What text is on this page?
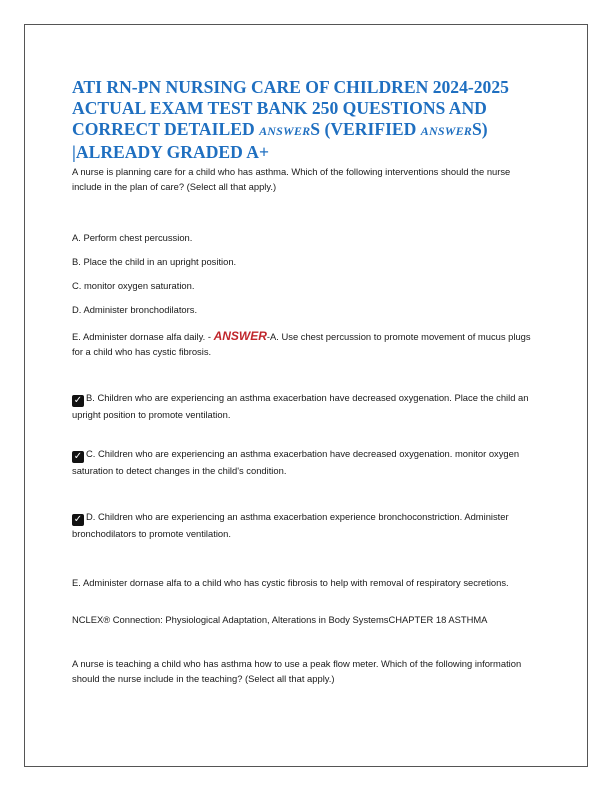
ATI RN-PN NURSING CARE OF CHILDREN 2024-2025
ACTUAL EXAM TEST BANK 250 QUESTIONS AND
CORRECT DETAILED ANSWERS (VERIFIED ANSWERS)
|ALREADY GRADED A+

A nurse is planning care for a child who has asthma. Which of the following interventions should the nurse include in the plan of care? (Select all that apply.)

A. Perform chest percussion.

B. Place the child in an upright position.

C. monitor oxygen saturation.

D. Administer bronchodilators.

E. Administer dornase alfa daily. - ANSWER-A. Use chest percussion to promote movement of mucus plugs for a child who has cystic fibrosis.

✓ B. Children who are experiencing an asthma exacerbation have decreased oxygenation. Place the child an upright position to promote ventilation.

✓ C. Children who are experiencing an asthma exacerbation have decreased oxygenation. monitor oxygen saturation to detect changes in the child's condition.

✓ D. Children who are experiencing an asthma exacerbation experience bronchoconstriction. Administer bronchodilators to promote ventilation.

E. Administer dornase alfa to a child who has cystic fibrosis to help with removal of respiratory secretions.

NCLEX® Connection: Physiological Adaptation, Alterations in Body SystemsCHAPTER 18 ASTHMA

A nurse is teaching a child who has asthma how to use a peak flow meter. Which of the following information should the nurse include in the teaching? (Select all that apply.)
